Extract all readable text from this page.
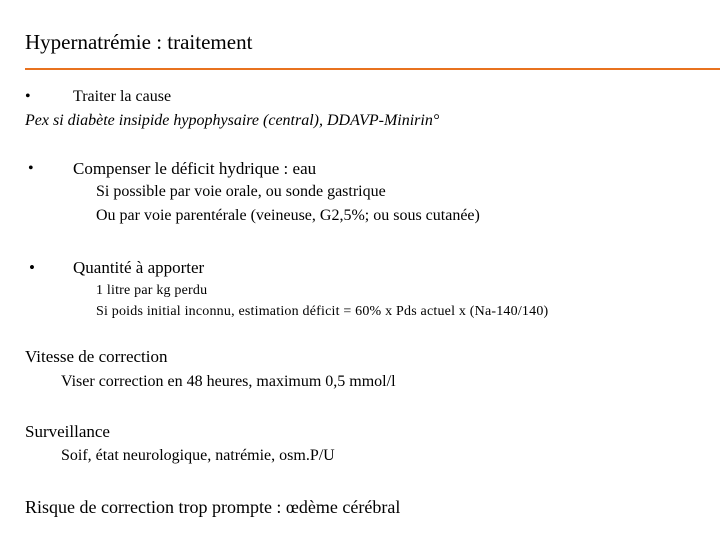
Hypernatrémie : traitement
•	Traiter la cause
Pex si diabète insipide hypophysaire (central), DDAVP-Minirin°
• Compenser le déficit hydrique : eau
Si possible par voie orale, ou sonde gastrique
Ou par voie parentérale (veineuse, G2,5%; ou sous cutanée)
• Quantité à apporter
1 litre par kg perdu
Si poids initial inconnu, estimation déficit = 60% x Pds actuel x (Na-140/140)
Vitesse de correction
Viser correction en 48 heures, maximum 0,5 mmol/l
Surveillance
Soif, état neurologique, natrémie, osm.P/U
Risque de correction trop prompte : œdème cérébral
